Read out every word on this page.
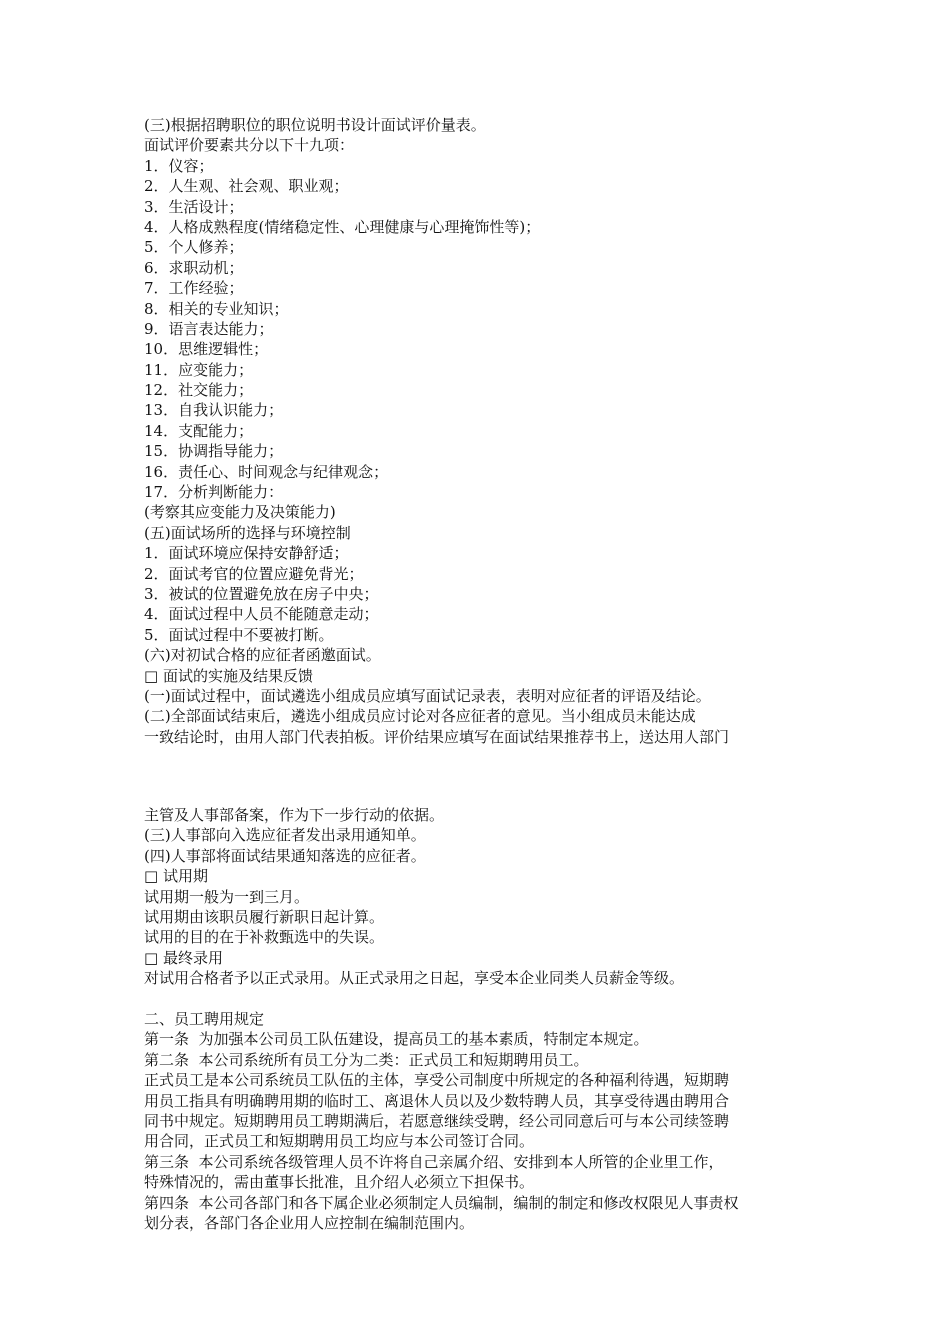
(三)根据招聘职位的职位说明书设计面试评价量表。
面试评价要素共分以下十九项：
1．仪容；
2．人生观、社会观、职业观；
3．生活设计；
4．人格成熟程度(情绪稳定性、心理健康与心理掩饰性等)；
5．个人修养；
6．求职动机；
7．工作经验；
8．相关的专业知识；
9．语言表达能力；
10．思维逻辑性；
11．应变能力；
12．社交能力；
13．自我认识能力；
14．支配能力；
15．协调指导能力；
16．责任心、时间观念与纪律观念；
17．分析判断能力：
(考察其应变能力及决策能力)
(五)面试场所的选择与环境控制
1．面试环境应保持安静舒适；
2．面试考官的位置应避免背光；
3．被试的位置避免放在房子中央；
4．面试过程中人员不能随意走动；
5．面试过程中不要被打断。
(六)对初试合格的应征者函邀面试。
□ 面试的实施及结果反馈
(一)面试过程中，面试遴选小组成员应填写面试记录表，表明对应征者的评语及结论。
(二)全部面试结束后，遴选小组成员应讨论对各应征者的意见。当小组成员未能达成
一致结论时，由用人部门代表拍板。评价结果应填写在面试结果推荐书上，送达用人部门
主管及人事部备案，作为下一步行动的依据。
(三)人事部向入选应征者发出录用通知单。
(四)人事部将面试结果通知落选的应征者。
□ 试用期
试用期一般为一到三月。
试用期由该职员履行新职日起计算。
试用的目的在于补救甄选中的失误。
□ 最终录用
对试用合格者予以正式录用。从正式录用之日起，享受本企业同类人员薪金等级。
二、员工聘用规定
第一条  为加强本公司员工队伍建设，提高员工的基本素质，特制定本规定。
第二条  本公司系统所有员工分为二类：正式员工和短期聘用员工。
正式员工是本公司系统员工队伍的主体，享受公司制度中所规定的各种福利待遇，短期聘
用员工指具有明确聘用期的临时工、离退休人员以及少数特聘人员，其享受待遇由聘用合
同书中规定。短期聘用员工聘期满后，若愿意继续受聘，经公司同意后可与本公司续签聘
用合同，正式员工和短期聘用员工均应与本公司签订合同。
第三条  本公司系统各级管理人员不许将自己亲属介绍、安排到本人所管的企业里工作，
特殊情况的，需由董事长批准，且介绍人必须立下担保书。
第四条  本公司各部门和各下属企业必须制定人员编制，编制的制定和修改权限见人事责权
划分表，各部门各企业用人应控制在编制范围内。
